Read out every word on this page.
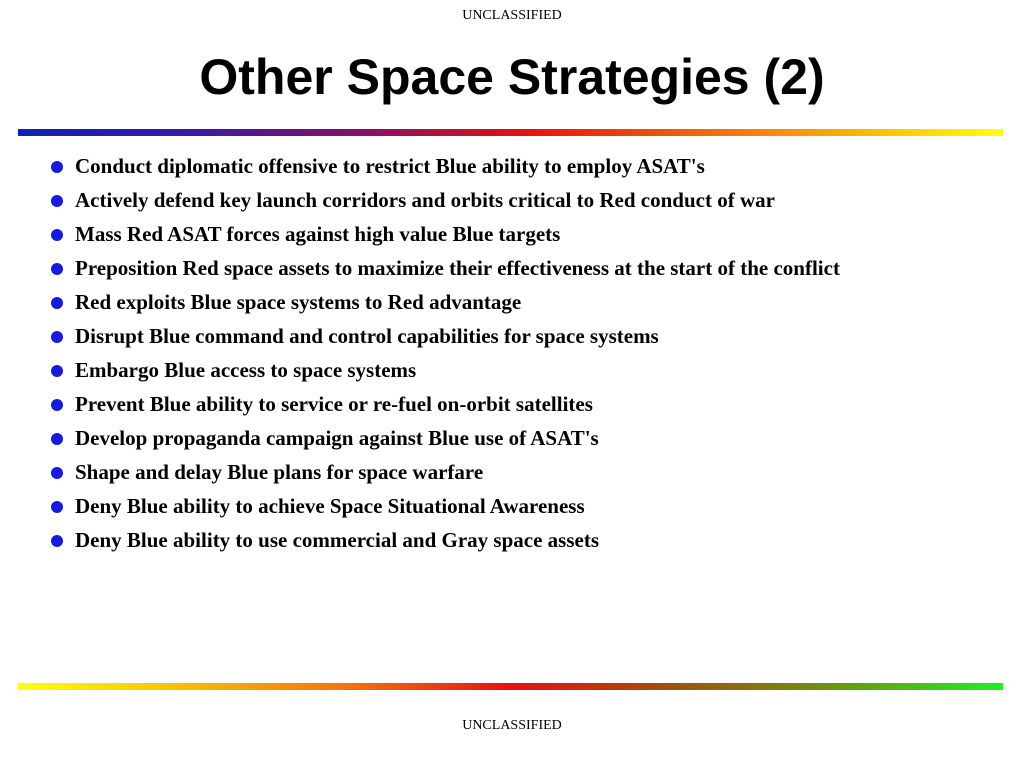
UNCLASSIFIED
Other Space Strategies (2)
Conduct diplomatic offensive to restrict Blue ability to employ ASAT's
Actively defend key launch corridors and orbits critical to Red conduct of war
Mass Red ASAT forces against high value Blue targets
Preposition Red space assets to maximize their effectiveness at the start of the conflict
Red exploits Blue space systems to Red advantage
Disrupt Blue command and control capabilities for space systems
Embargo Blue access to space systems
Prevent Blue ability to service or re-fuel on-orbit satellites
Develop propaganda campaign against Blue use of ASAT's
Shape and delay Blue plans for space warfare
Deny Blue ability to achieve Space Situational Awareness
Deny Blue ability to use commercial and Gray space assets
UNCLASSIFIED
